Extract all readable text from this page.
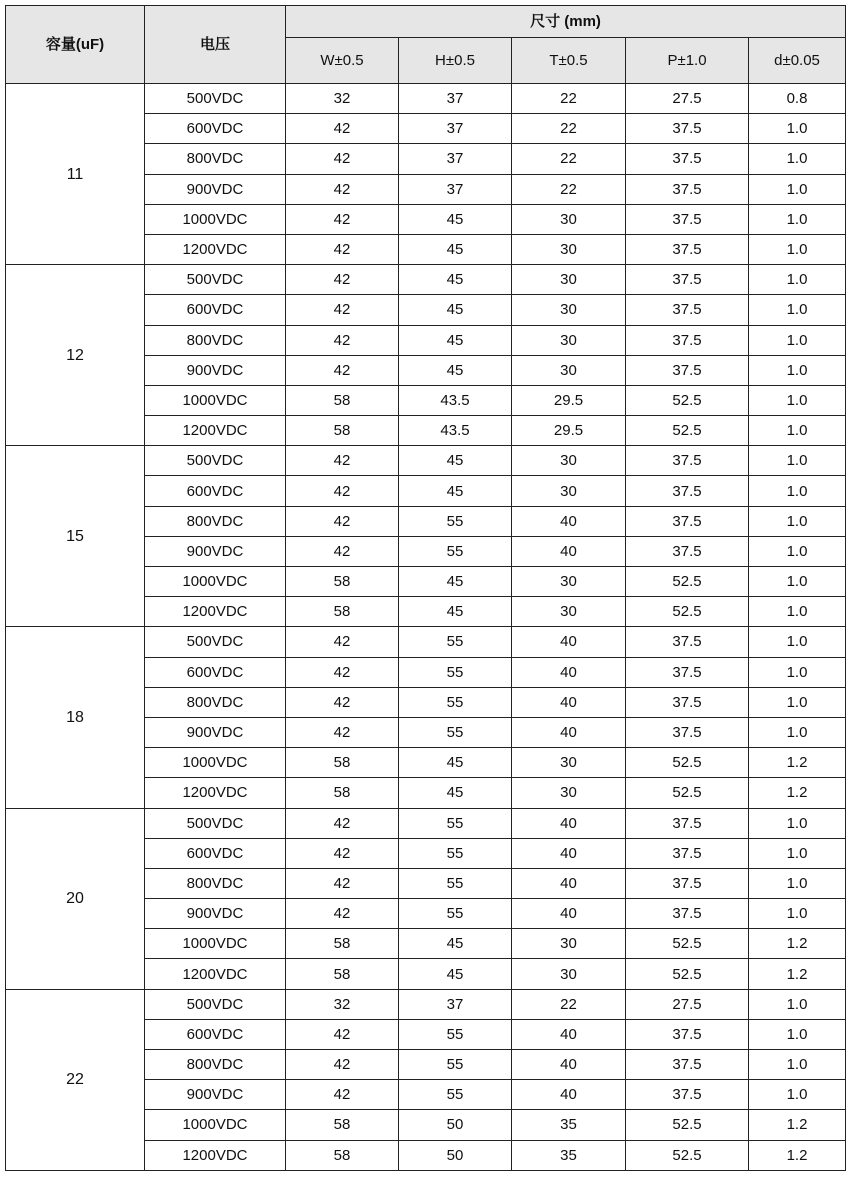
容量(uF)	电压	尺寸 (mm)				
		W±0.5	H±0.5	T±0.5	P±1.0	d±0.05
11	500VDC	32	37	22	27.5	0.8
	600VDC	42	37	22	37.5	1.0
	800VDC	42	37	22	37.5	1.0
	900VDC	42	37	22	37.5	1.0
	1000VDC	42	45	30	37.5	1.0
	1200VDC	42	45	30	37.5	1.0
12	500VDC	42	45	30	37.5	1.0
	600VDC	42	45	30	37.5	1.0
	800VDC	42	45	30	37.5	1.0
	900VDC	42	45	30	37.5	1.0
	1000VDC	58	43.5	29.5	52.5	1.0
	1200VDC	58	43.5	29.5	52.5	1.0
15	500VDC	42	45	30	37.5	1.0
	600VDC	42	45	30	37.5	1.0
	800VDC	42	55	40	37.5	1.0
	900VDC	42	55	40	37.5	1.0
	1000VDC	58	45	30	52.5	1.0
	1200VDC	58	45	30	52.5	1.0
18	500VDC	42	55	40	37.5	1.0
	600VDC	42	55	40	37.5	1.0
	800VDC	42	55	40	37.5	1.0
	900VDC	42	55	40	37.5	1.0
	1000VDC	58	45	30	52.5	1.2
	1200VDC	58	45	30	52.5	1.2
20	500VDC	42	55	40	37.5	1.0
	600VDC	42	55	40	37.5	1.0
	800VDC	42	55	40	37.5	1.0
	900VDC	42	55	40	37.5	1.0
	1000VDC	58	45	30	52.5	1.2
	1200VDC	58	45	30	52.5	1.2
22	500VDC	32	37	22	27.5	1.0
	600VDC	42	55	40	37.5	1.0
	800VDC	42	55	40	37.5	1.0
	900VDC	42	55	40	37.5	1.0
	1000VDC	58	50	35	52.5	1.2
	1200VDC	58	50	35	52.5	1.2
